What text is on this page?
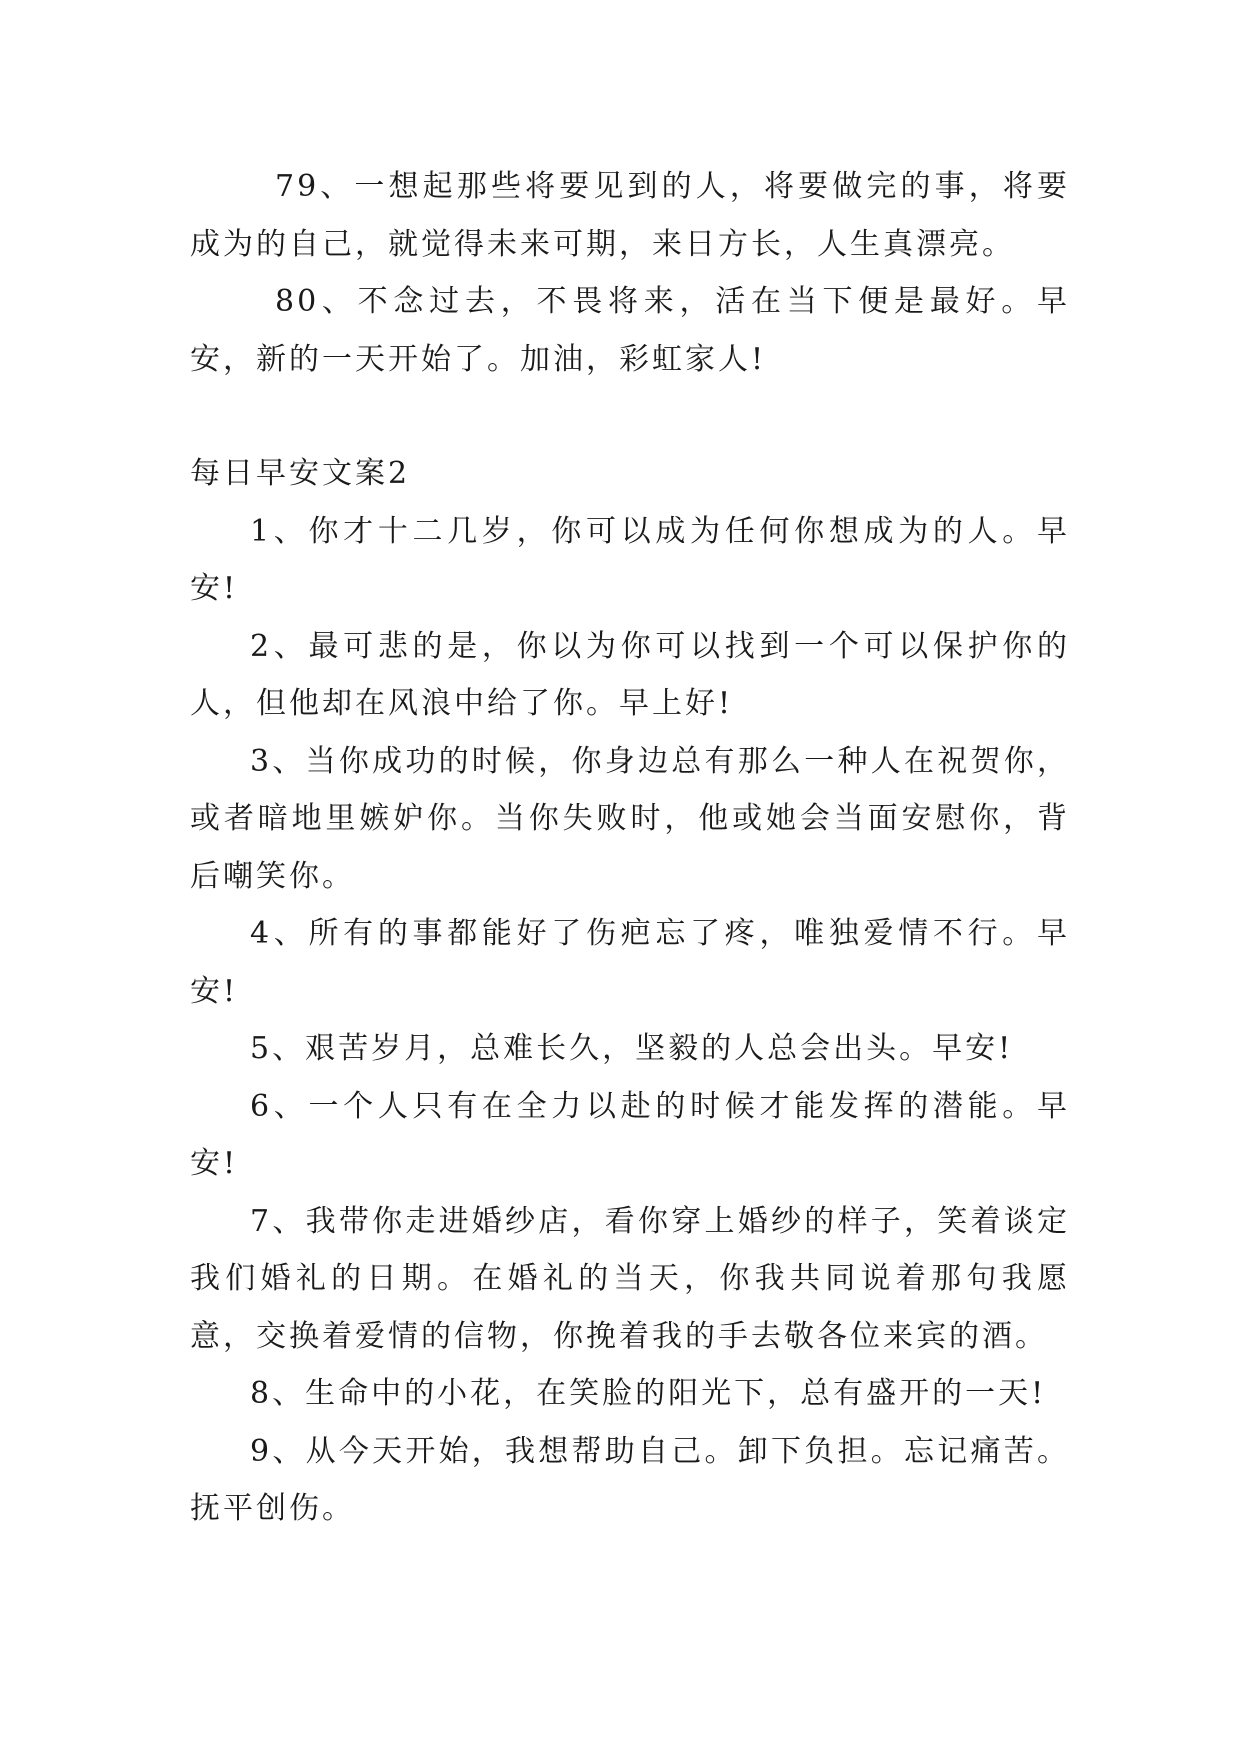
79、一想起那些将要见到的人，将要做完的事，将要成为的自己，就觉得未来可期，来日方长，人生真漂亮。

80、不念过去，不畏将来，活在当下便是最好。早安，新的一天开始了。加油，彩虹家人!

每日早安文案2

1、你才十二几岁，你可以成为任何你想成为的人。早安!

2、最可悲的是，你以为你可以找到一个可以保护你的人，但他却在风浪中给了你。早上好!

3、当你成功的时候，你身边总有那么一种人在祝贺你，或者暗地里嫉妒你。当你失败时，他或她会当面安慰你，背后嘲笑你。

4、所有的事都能好了伤疤忘了疼，唯独爱情不行。早安!

5、艰苦岁月，总难长久，坚毅的人总会出头。早安!

6、一个人只有在全力以赴的时候才能发挥的潜能。早安!

7、我带你走进婚纱店，看你穿上婚纱的样子，笑着谈定我们婚礼的日期。在婚礼的当天，你我共同说着那句我愿意，交换着爱情的信物，你挽着我的手去敬各位来宾的酒。

8、生命中的小花，在笑脸的阳光下，总有盛开的一天!

9、从今天开始，我想帮助自己。卸下负担。忘记痛苦。抚平创伤。
